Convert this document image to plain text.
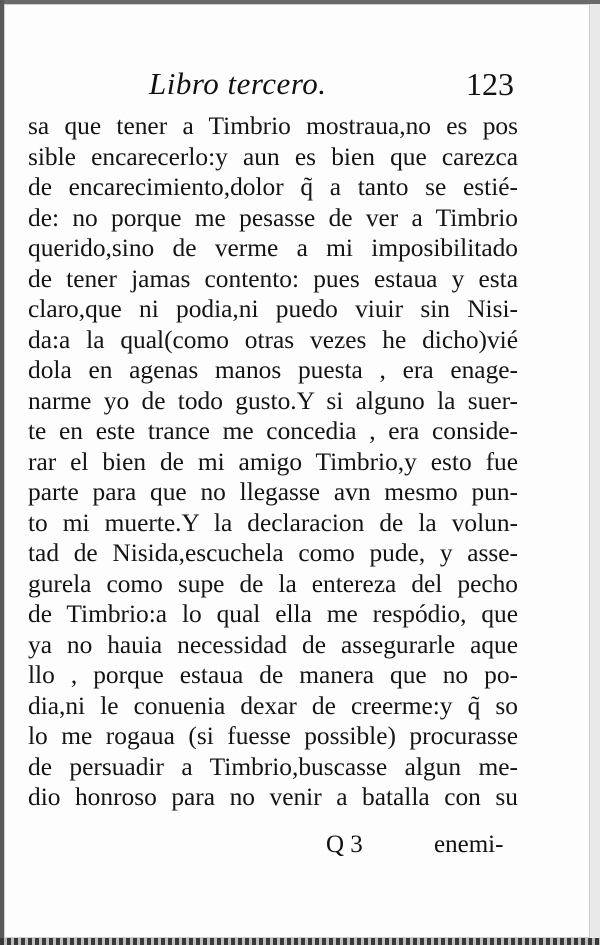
Libro tercero.	123
sa que tener a Timbrio mostraua,no es pos
sible encarecerlo:y aun es bien que carezca
de encarecimiento,dolor q̃ a tanto se estié-
de: no porque me pesasse de ver a Timbrio
querido,sino de verme a mi imposibilitado
de tener jamas contento: pues estaua y esta
claro,que ni podia,ni puedo viuir sin Nisi-
da:a la qual(como otras vezes he dicho)vié
dola en agenas manos puesta , era enage-
narme yo de todo gusto.Y si alguno la suer-
te en este trance me concedia , era conside-
rar el bien de mi amigo Timbrio,y esto fue
parte para que no llegasse avn mesmo pun-
to mi muerte.Y la declaracion de la volun-
tad de Nisida,escuchela como pude, y asse-
gurela como supe de la entereza del pecho
de Timbrio:a lo qual ella me respódio, que
ya no hauia necessidad de assegurarle aque
llo , porque estaua de manera que no po-
dia,ni le conuenia dexar de creerme:y q̃ so
lo me rogaua (si fuesse possible) procurasse
de persuadir a Timbrio,buscasse algun me-
dio honroso para no venir a batalla con su
Q 3	enemi-
